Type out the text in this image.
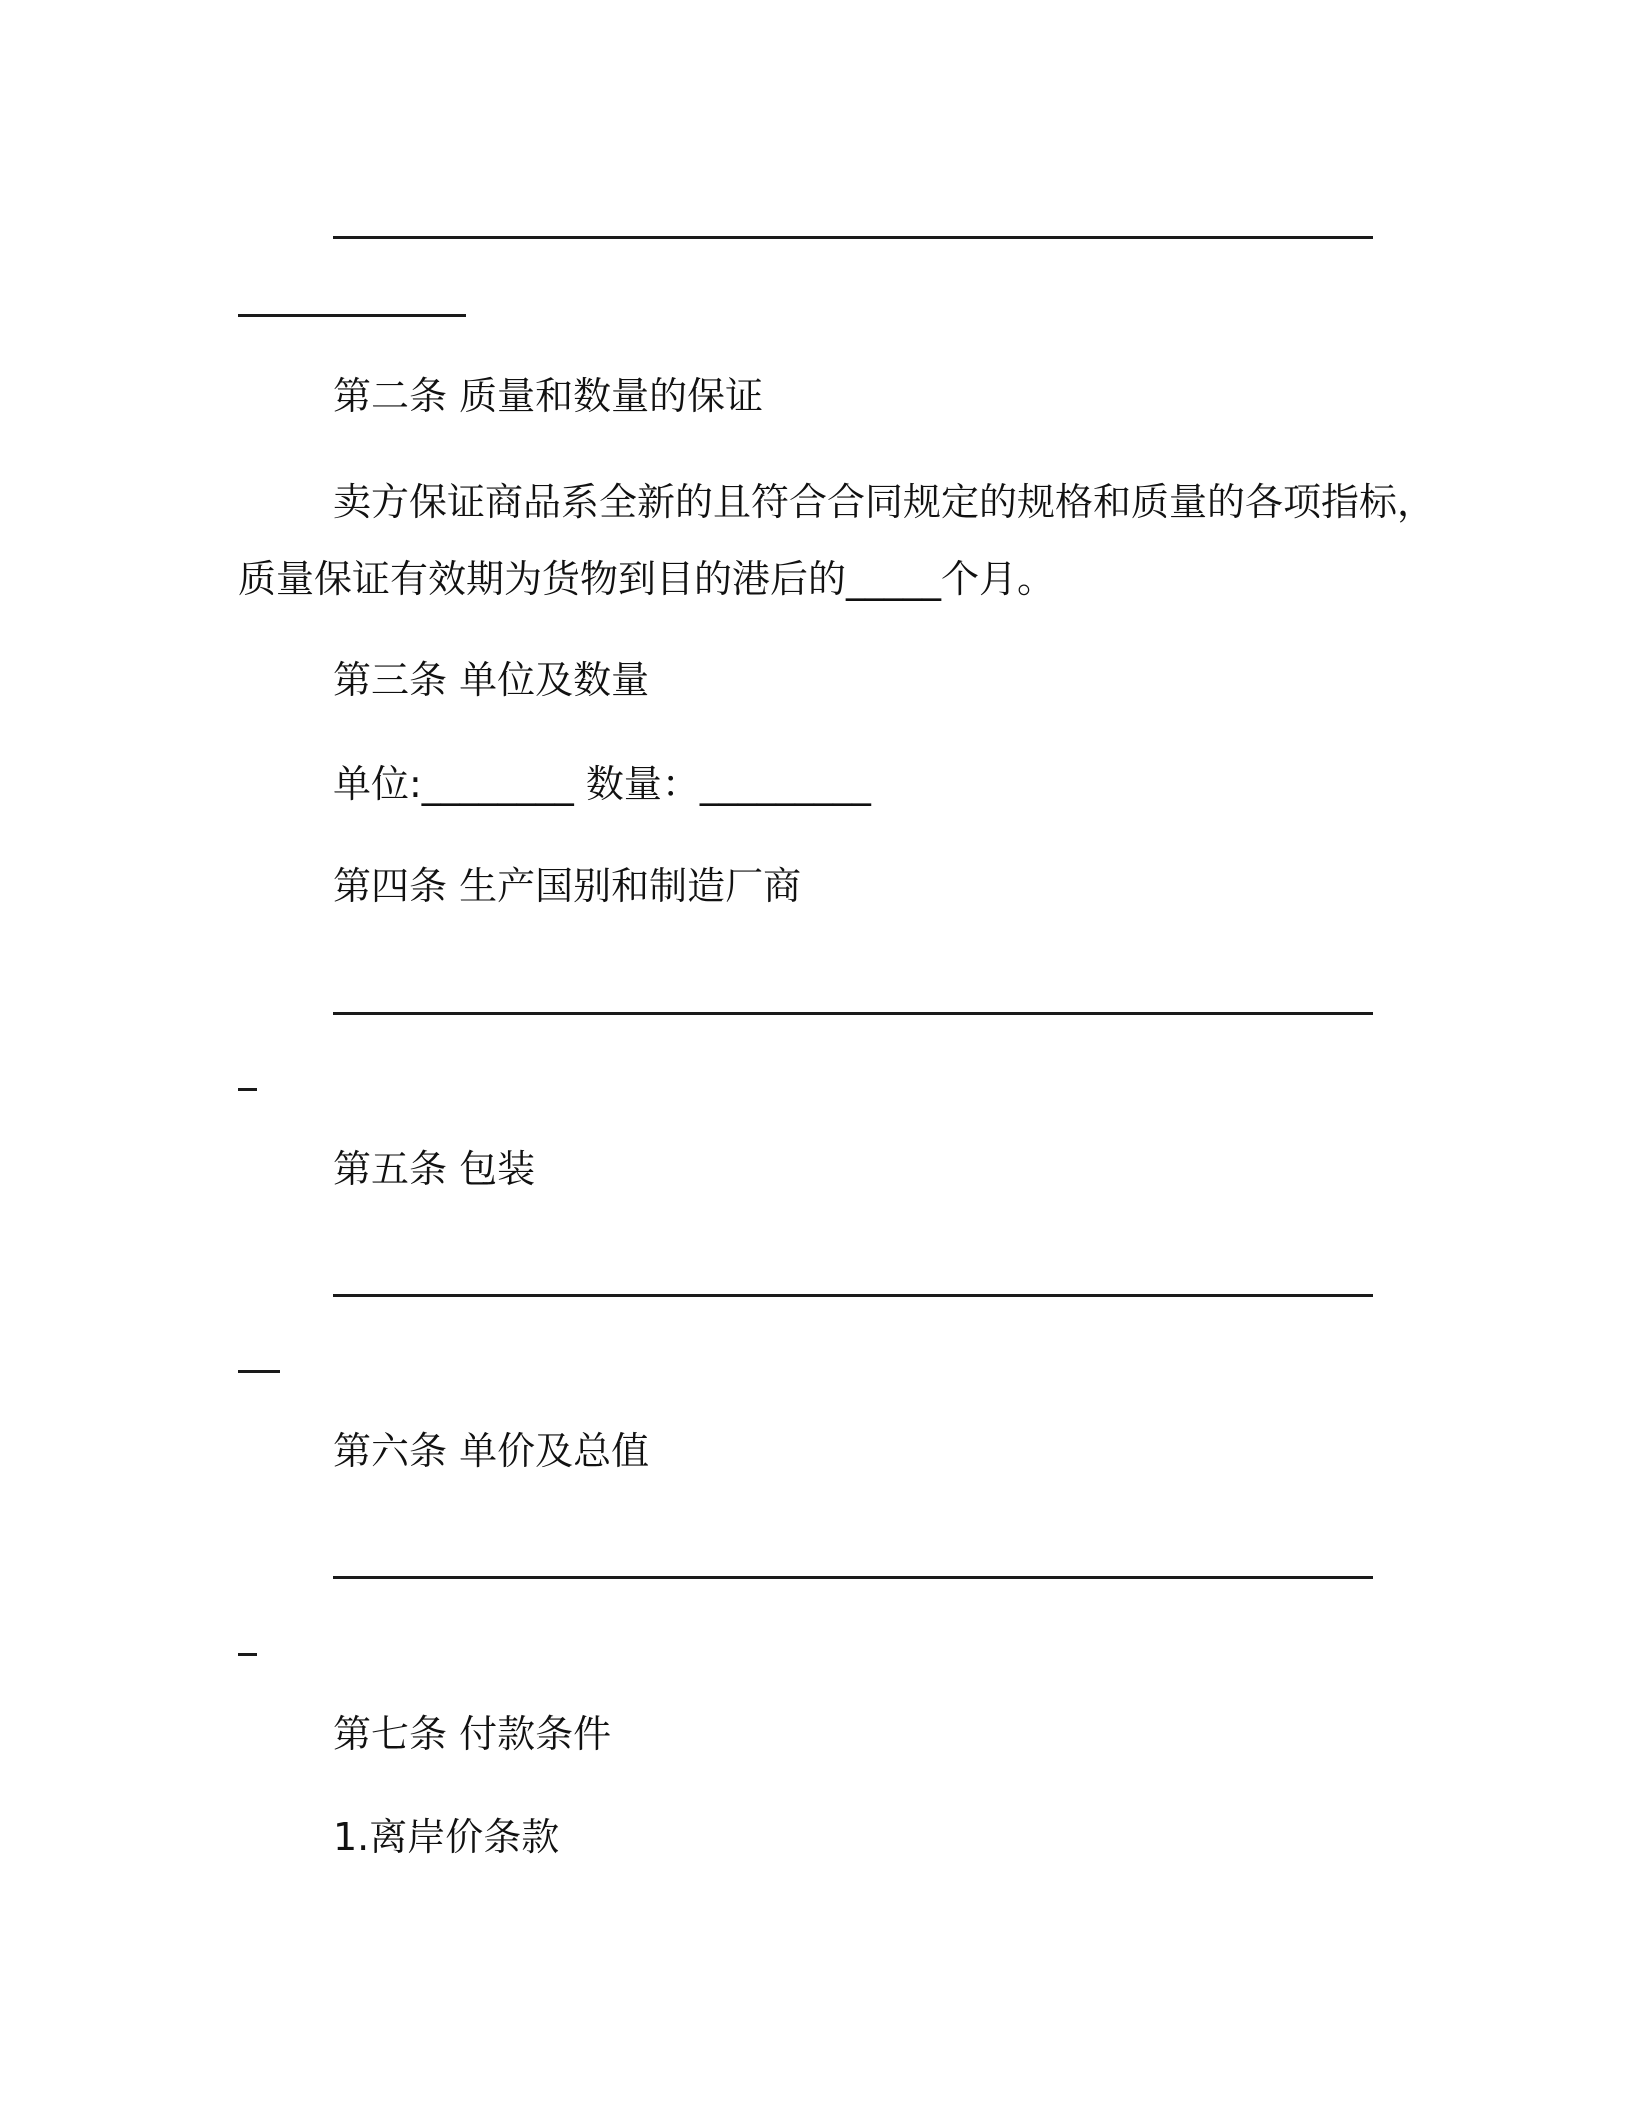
第二条 质量和数量的保证
卖方保证商品系全新的且符合合同规定的规格和质量的各项指标，
质量保证有效期为货物到目的港后的_____个月。
第三条 单位及数量
单位:________ 数量：_________
第四条 生产国别和制造厂商
第五条 包装
第六条 单价及总值
第七条 付款条件
1.离岸价条款
